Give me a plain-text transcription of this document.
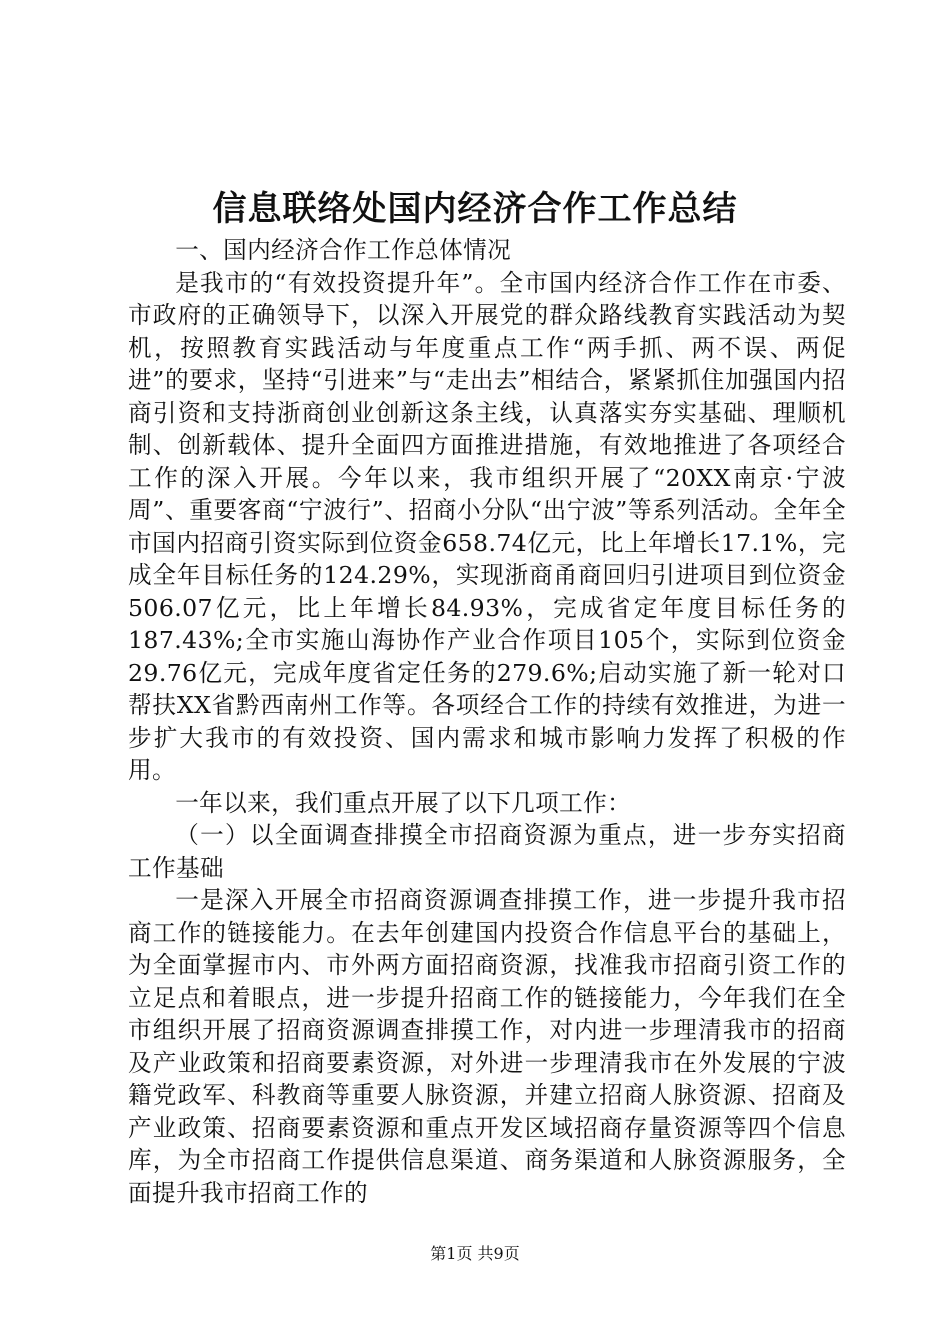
信息联络处国内经济合作工作总结

一、国内经济合作工作总体情况

是我市的“有效投资提升年”。全市国内经济合作工作在市委、市政府的正确领导下，以深入开展党的群众路线教育实践活动为契机，按照教育实践活动与年度重点工作“两手抓、两不误、两促进”的要求，坚持“引进来”与“走出去”相结合，紧紧抓住加强国内招商引资和支持浙商创业创新这条主线，认真落实夯实基础、理顺机制、创新载体、提升全面四方面推进措施，有效地推进了各项经合工作的深入开展。今年以来，我市组织开展了“20XX南京·宁波周”、重要客商“宁波行”、招商小分队“出宁波”等系列活动。全年全市国内招商引资实际到位资金658.74亿元，比上年增长17.1%，完成全年目标任务的124.29%，实现浙商甬商回归引进项目到位资金506.07亿元，比上年增长84.93%，完成省定年度目标任务的187.43%;全市实施山海协作产业合作项目105个，实际到位资金29.76亿元，完成年度省定任务的279.6%;启动实施了新一轮对口帮扶XX省黔西南州工作等。各项经合工作的持续有效推进，为进一步扩大我市的有效投资、国内需求和城市影响力发挥了积极的作用。

一年以来，我们重点开展了以下几项工作：

（一）以全面调查排摸全市招商资源为重点，进一步夯实招商工作基础

一是深入开展全市招商资源调查排摸工作，进一步提升我市招商工作的链接能力。在去年创建国内投资合作信息平台的基础上，为全面掌握市内、市外两方面招商资源，找准我市招商引资工作的立足点和着眼点，进一步提升招商工作的链接能力，今年我们在全市组织开展了招商资源调查排摸工作，对内进一步理清我市的招商及产业政策和招商要素资源，对外进一步理清我市在外发展的宁波籍党政军、科教商等重要人脉资源，并建立招商人脉资源、招商及产业政策、招商要素资源和重点开发区域招商存量资源等四个信息库，为全市招商工作提供信息渠道、商务渠道和人脉资源服务，全面提升我市招商工作的

第1页 共9页
